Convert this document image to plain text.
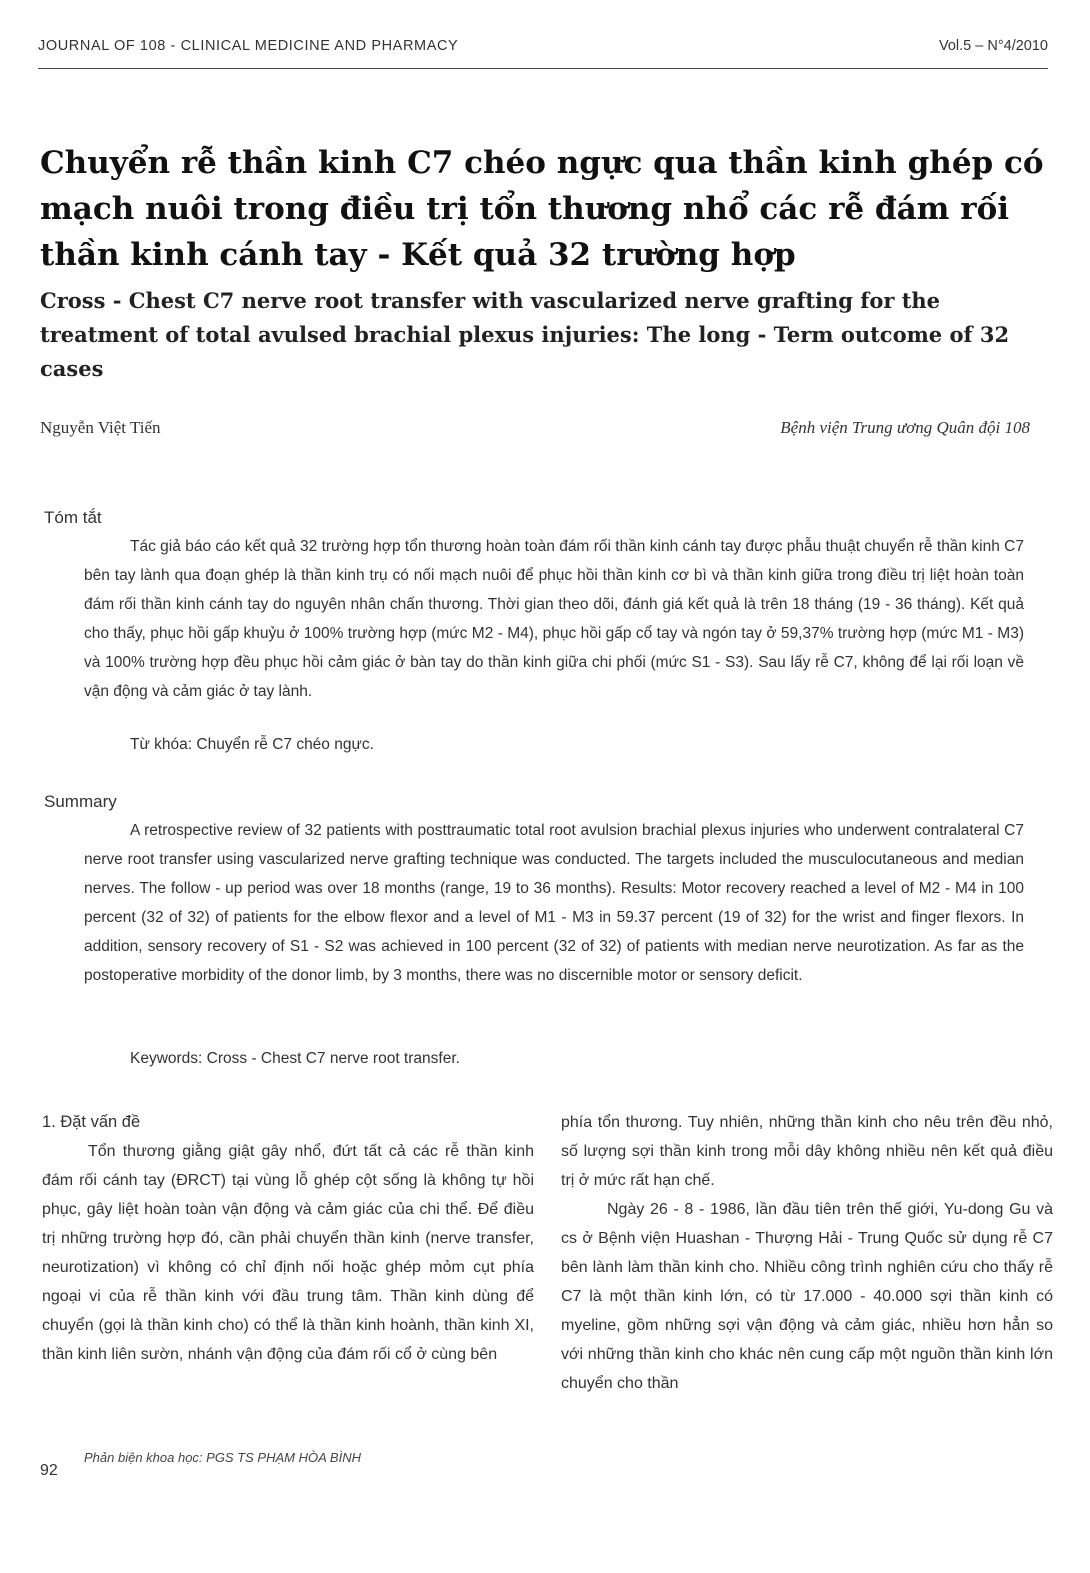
JOURNAL OF 108 - CLINICAL MEDICINE AND PHARMACY	Vol.5 – N°4/2010
Chuyển rễ thần kinh C7 chéo ngực qua thần kinh ghép có mạch nuôi trong điều trị tổn thương nhổ các rễ đám rối thần kinh cánh tay - Kết quả 32 trường hợp
Cross - Chest C7 nerve root transfer with vascularized nerve grafting for the treatment of total avulsed brachial plexus injuries: The long - Term outcome of 32 cases
Nguyễn Việt Tiến	Bệnh viện Trung ương Quân đội 108
Tóm tắt
Tác giả báo cáo kết quả 32 trường hợp tổn thương hoàn toàn đám rối thần kinh cánh tay được phẫu thuật chuyển rễ thần kinh C7 bên tay lành qua đoạn ghép là thần kinh trụ có nối mạch nuôi để phục hồi thần kinh cơ bì và thần kinh giữa trong điều trị liệt hoàn toàn đám rối thần kinh cánh tay do nguyên nhân chấn thương. Thời gian theo dõi, đánh giá kết quả là trên 18 tháng (19 - 36 tháng). Kết quả cho thấy, phục hồi gấp khuỷu ở 100% trường hợp (mức M2 - M4), phục hồi gấp cổ tay và ngón tay ở 59,37% trường hợp (mức M1 - M3) và 100% trường hợp đều phục hồi cảm giác ở bàn tay do thần kinh giữa chi phối (mức S1 - S3). Sau lấy rễ C7, không để lại rối loạn về vận động và cảm giác ở tay lành.
Từ khóa: Chuyển rễ C7 chéo ngực.
Summary
A retrospective review of 32 patients with posttraumatic total root avulsion brachial plexus injuries who underwent contralateral C7 nerve root transfer using vascularized nerve grafting technique was conducted. The targets included the musculocutaneous and median nerves. The follow - up period was over 18 months (range, 19 to 36 months). Results: Motor recovery reached a level of M2 - M4 in 100 percent (32 of 32) of patients for the elbow flexor and a level of M1 - M3 in 59.37 percent (19 of 32) for the wrist and finger flexors. In addition, sensory recovery of S1 - S2 was achieved in 100 percent (32 of 32) of patients with median nerve neurotization. As far as the postoperative morbidity of the donor limb, by 3 months, there was no discernible motor or sensory deficit.
Keywords: Cross - Chest C7 nerve root transfer.

1. Đặt vấn đề

Tổn thương giằng giật gây nhổ, đứt tất cả các rễ thần kinh đám rối cánh tay (ĐRCT) tại vùng lỗ ghép cột sống là không tự hồi phục, gây liệt hoàn toàn vận động và cảm giác của chi thể. Để điều trị những trường hợp đó, cần phải chuyển thần kinh (nerve transfer, neurotization) vì không có chỉ định nối hoặc ghép mỏm cụt phía ngoại vi của rễ thần kinh với đầu trung tâm. Thần kinh dùng để chuyển (gọi là thần kinh cho) có thể là thần kinh hoành, thần kinh XI, thần kinh liên sườn, nhánh vận động của đám rối cổ ở cùng bên

phía tổn thương. Tuy nhiên, những thần kinh cho nêu trên đều nhỏ, số lượng sợi thần kinh trong mỗi dây không nhiều nên kết quả điều trị ở mức rất hạn chế.

Ngày 26 - 8 - 1986, lần đầu tiên trên thế giới, Yu-dong Gu và cs ở Bệnh viện Huashan - Thượng Hải - Trung Quốc sử dụng rễ C7 bên lành làm thần kinh cho. Nhiều công trình nghiên cứu cho thấy rễ C7 là một thần kinh lớn, có từ 17.000 - 40.000 sợi thần kinh có myeline, gồm những sợi vận động và cảm giác, nhiều hơn hẳn so với những thần kinh cho khác nên cung cấp một nguồn thần kinh lớn chuyển cho thần

Phản biện khoa học: PGS TS PHẠM HÒA BÌNH
92
